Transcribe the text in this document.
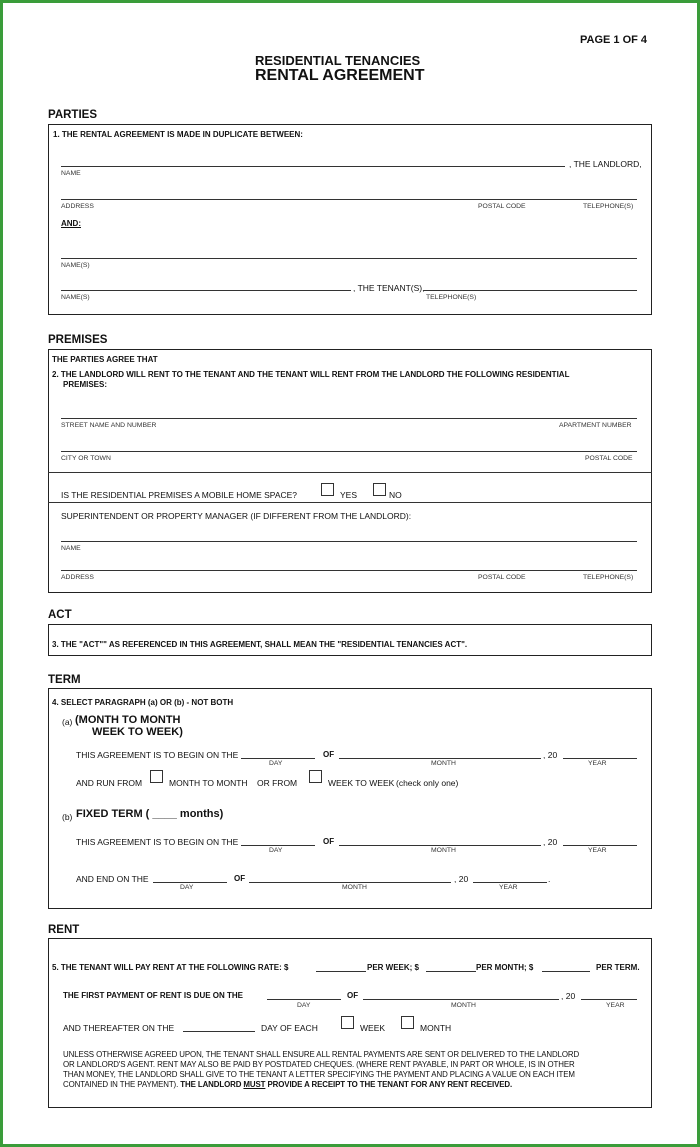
PAGE 1 OF 4
RESIDENTIAL TENANCIES
RENTAL AGREEMENT
PARTIES
1. THE RENTAL AGREEMENT IS MADE IN DUPLICATE BETWEEN:
, THE LANDLORD,
NAME
ADDRESS	POSTAL CODE	TELEPHONE(S)
AND:
NAME(S)
, THE TENANT(S),
NAME(S)	TELEPHONE(S)
PREMISES
THE PARTIES AGREE THAT
2. THE LANDLORD WILL RENT TO THE TENANT AND THE TENANT WILL RENT FROM THE LANDLORD THE FOLLOWING RESIDENTIAL
PREMISES:
STREET NAME AND NUMBER	APARTMENT NUMBER
CITY OR TOWN	POSTAL CODE
IS THE RESIDENTIAL PREMISES A MOBILE HOME SPACE?	YES	NO
SUPERINTENDENT OR PROPERTY MANAGER (IF DIFFERENT FROM THE LANDLORD):
NAME
ADDRESS	POSTAL CODE	TELEPHONE(S)
ACT
3. THE "ACT"" AS REFERENCED IN THIS AGREEMENT, SHALL MEAN THE "RESIDENTIAL TENANCIES ACT".
TERM
4. SELECT PARAGRAPH (a) OR (b) - NOT BOTH
(a) (MONTH TO MONTH
WEEK TO WEEK)
THIS AGREEMENT IS TO BEGIN ON THE	OF	, 20
DAY	MONTH	YEAR
AND RUN FROM	MONTH TO MONTH OR FROM	WEEK TO WEEK (check only one)
(b) FIXED TERM ( ____ months)
THIS AGREEMENT IS TO BEGIN ON THE	OF	, 20
DAY	MONTH	YEAR
AND END ON THE	OF	, 20	.
DAY	MONTH	YEAR
RENT
5. THE TENANT WILL PAY RENT AT THE FOLLOWING RATE: $	PER WEEK; $	PER MONTH; $	PER TERM.
THE FIRST PAYMENT OF RENT IS DUE ON THE	OF	, 20
DAY	MONTH	YEAR
AND THEREAFTER ON THE	DAY OF EACH	WEEK	MONTH
UNLESS OTHERWISE AGREED UPON, THE TENANT SHALL ENSURE ALL RENTAL PAYMENTS ARE SENT OR DELIVERED TO THE LANDLORD
OR LANDLORD'S AGENT. RENT MAY ALSO BE PAID BY POSTDATED CHEQUES. (WHERE RENT PAYABLE, IN PART OR WHOLE, IS IN OTHER
THAN MONEY, THE LANDLORD SHALL GIVE TO THE TENANT A LETTER SPECIFYING THE PAYMENT AND PLACING A VALUE ON EACH ITEM
CONTAINED IN THE PAYMENT). THE LANDLORD MUST PROVIDE A RECEIPT TO THE TENANT FOR ANY RENT RECEIVED.
